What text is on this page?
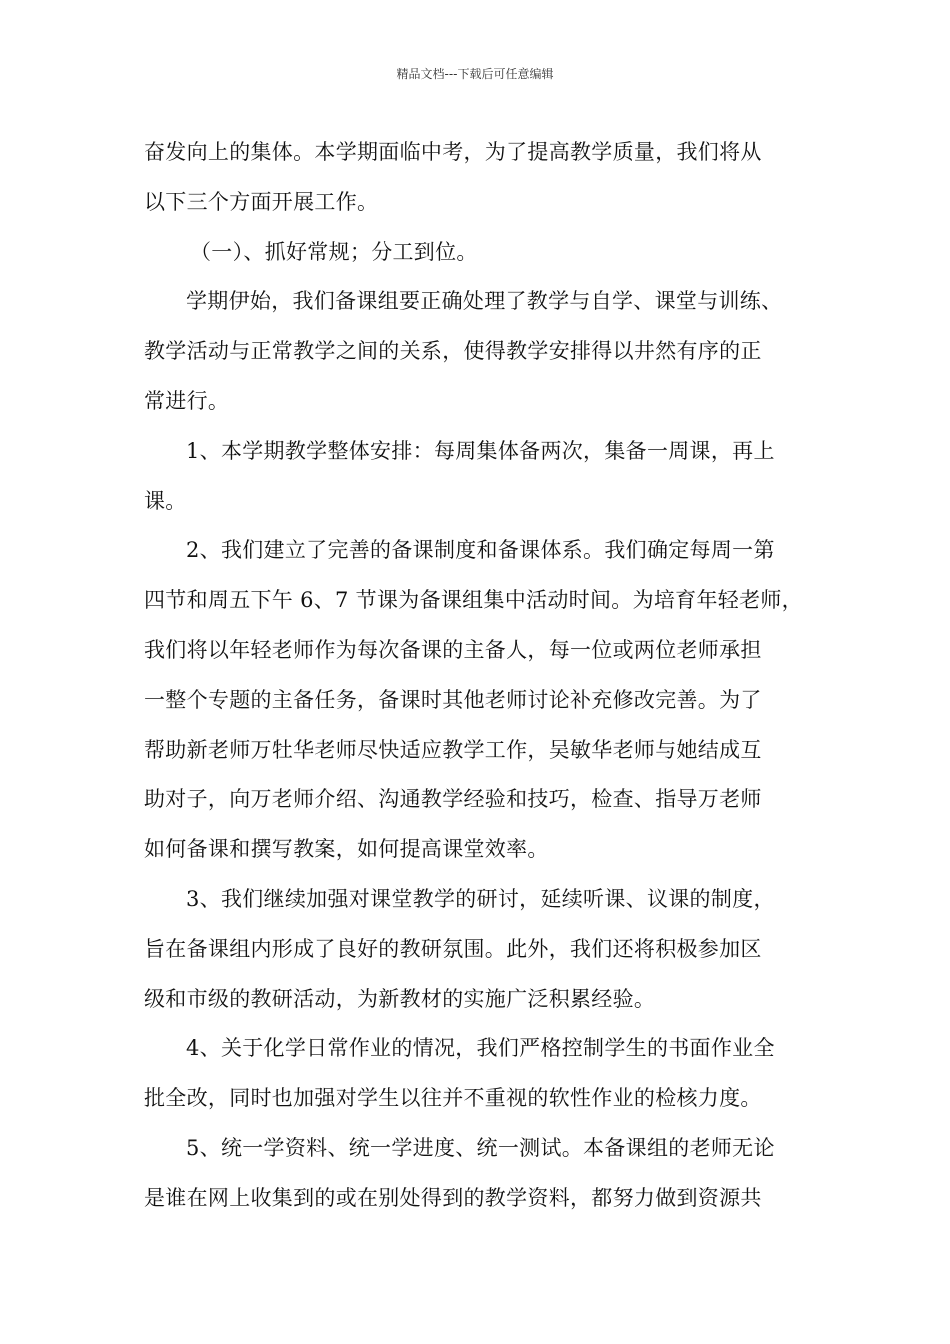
精品文档---下载后可任意编辑
奋发向上的集体。本学期面临中考，为了提高教学质量，我们将从
以下三个方面开展工作。
（一）、抓好常规；分工到位。
学期伊始，我们备课组要正确处理了教学与自学、课堂与训练、
教学活动与正常教学之间的关系，使得教学安排得以井然有序的正
常进行。
1、本学期教学整体安排：每周集体备两次，集备一周课，再上
课。
2、我们建立了完善的备课制度和备课体系。我们确定每周一第
四节和周五下午 6、7 节课为备课组集中活动时间。为培育年轻老师，
我们将以年轻老师作为每次备课的主备人，每一位或两位老师承担
一整个专题的主备任务，备课时其他老师讨论补充修改完善。为了
帮助新老师万牡华老师尽快适应教学工作，吴敏华老师与她结成互
助对子，向万老师介绍、沟通教学经验和技巧，检查、指导万老师
如何备课和撰写教案，如何提高课堂效率。
3、我们继续加强对课堂教学的研讨，延续听课、议课的制度，
旨在备课组内形成了良好的教研氛围。此外，我们还将积极参加区
级和市级的教研活动，为新教材的实施广泛积累经验。
4、关于化学日常作业的情况，我们严格控制学生的书面作业全
批全改，同时也加强对学生以往并不重视的软性作业的检核力度。
5、统一学资料、统一学进度、统一测试。本备课组的老师无论
是谁在网上收集到的或在别处得到的教学资料，都努力做到资源共
